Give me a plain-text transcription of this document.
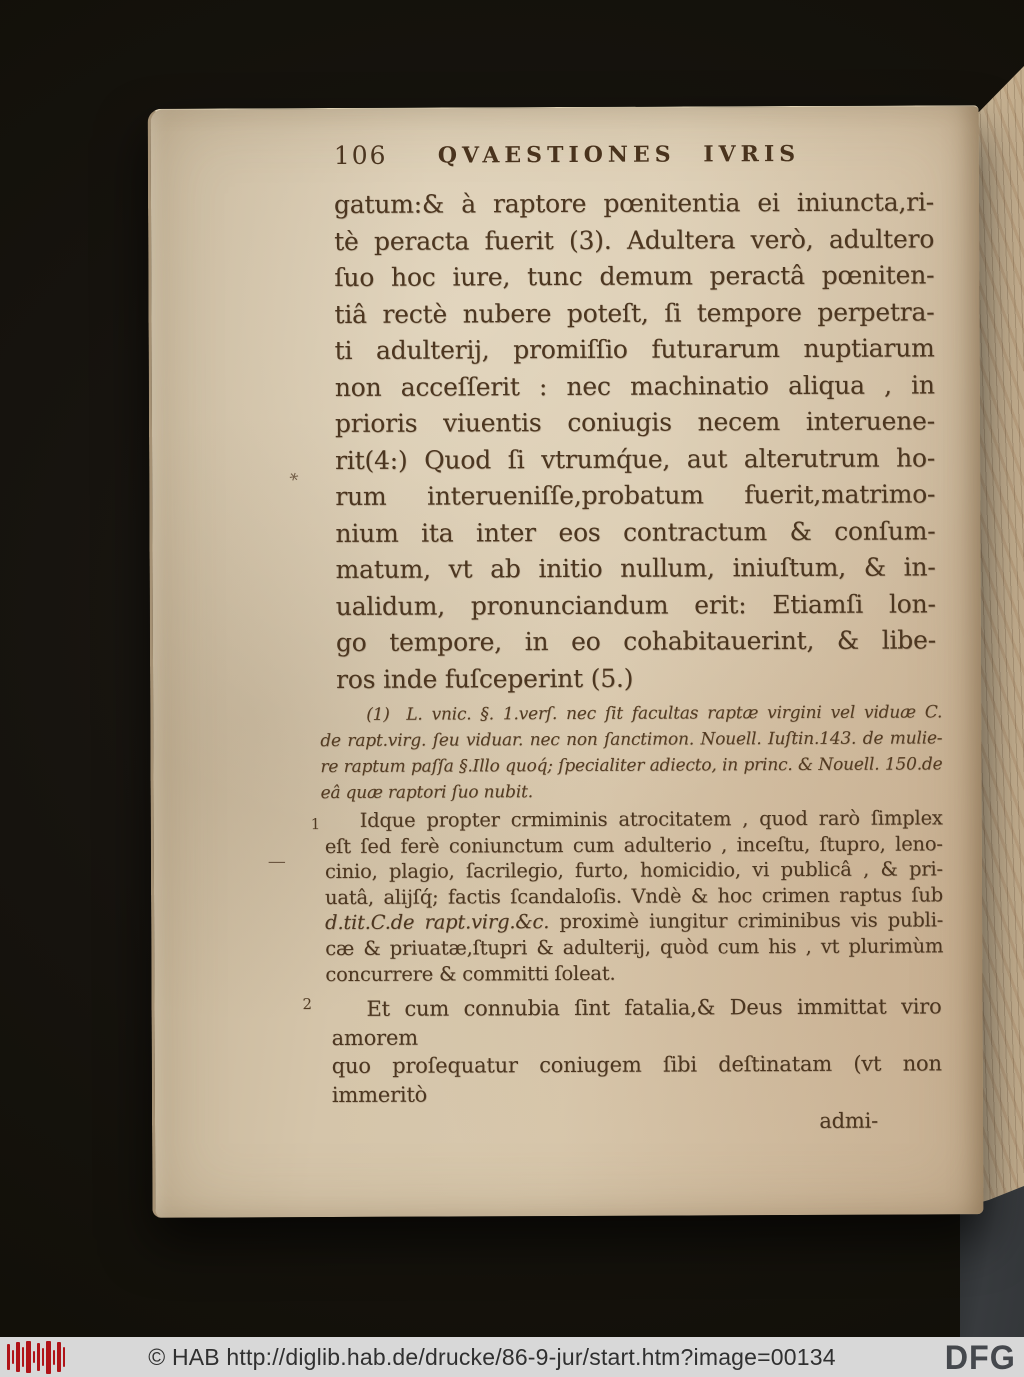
1
2
⁎
—
106 QVAESTIONES IVRIS
gatum:& à raptore pœnitentia ei iniuncta,ri-
tè peracta fuerit (3). Adultera verò, adultero
ſuo hoc iure, tunc demum peractâ pœniten-
tiâ rectè nubere poteſt, ſi tempore perpetra-
ti adulterij, promiſſio futurarum nuptiarum
non acceſſerit : nec machinatio aliqua , in
prioris viuentis coniugis necem interuene-
rit(4:) Quod ſi vtrumq́ue, aut alterutrum ho-
rum interueniſſe,probatum fuerit,matrimo-
nium ita inter eos contractum & conſum-
matum, vt ab initio nullum, iniuſtum, & in-
ualidum, pronunciandum erit: Etiamſi lon-
go tempore, in eo cohabitauerint, & libe-
ros inde fuſceperint (5.)
(1)  L. vnic. §. 1.verſ. nec ſit facultas raptæ virgini vel viduæ C.
de rapt.virg. ſeu viduar. nec non ſanctimon. Nouell. Iuſtin.143. de mulie-
re raptum paſſa §.Illo quoq́; ſpecialiter adiecto, in princ. & Nouell. 150.de
eâ quæ raptori ſuo nubit.
Idque propter crmiminis atrocitatem , quod rarò ſimplex
eſt ſed ferè coniunctum cum adulterio , inceſtu, ſtupro, leno-
cinio, plagio, ſacrilegio, furto, homicidio, vi publicâ , & pri-
uatâ, alijſq́; factis ſcandaloſis. Vndè & hoc crimen raptus ſub
d.tit.C.de rapt.virg.&c. proximè iungitur criminibus vis publi-
cæ & priuatæ,ſtupri & adulterij, quòd cum his , vt plurimùm
concurrere & committi ſoleat.
Et cum connubia ſint fatalia,& Deus immittat viro amorem
quo proſequatur coniugem ſibi deſtinatam (vt non immeritò
admi-
© HAB http://diglib.hab.de/drucke/86-9-jur/start.htm?image=00134	DFG
